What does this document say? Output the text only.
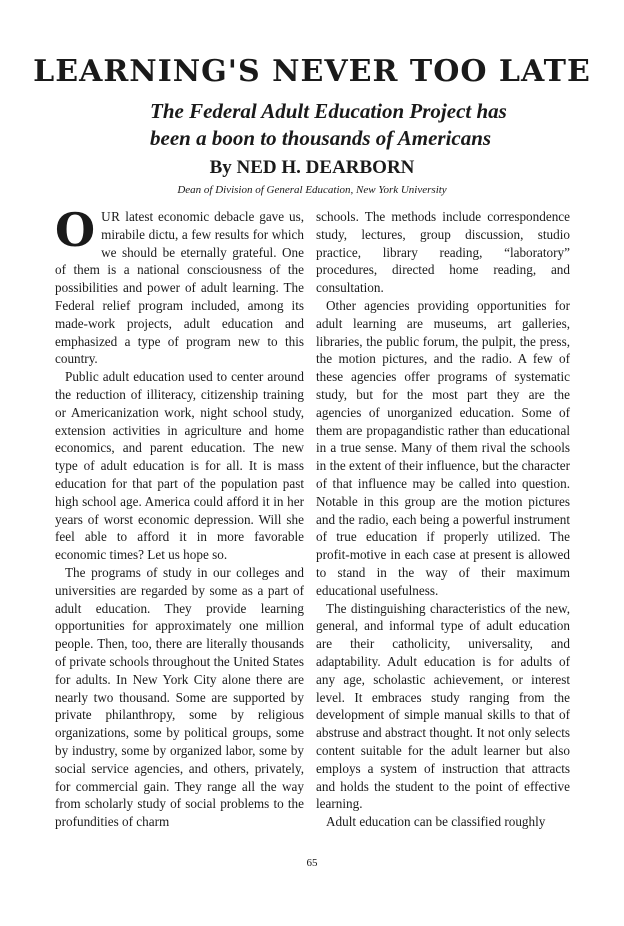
LEARNING'S NEVER TOO LATE
The Federal Adult Education Project has
been a boon to thousands of Americans
By NED H. DEARBORN
Dean of Division of General Education, New York University

OUR latest economic debacle gave us, mirabile dictu, a few results for which we should be eternally grateful. One of them is a national consciousness of the possibilities and power of adult learning. The Federal relief program included, among its made-work projects, adult education and emphasized a type of program new to this country.

Public adult education used to center around the reduction of illiteracy, citizenship training or Americanization work, night school study, extension activities in agriculture and home economics, and parent education. The new type of adult education is for all. It is mass education for that part of the population past high school age. America could afford it in her years of worst economic depression. Will she feel able to afford it in more favorable economic times? Let us hope so.

The programs of study in our colleges and universities are regarded by some as a part of adult education. They provide learning opportunities for approximately one million people. Then, too, there are literally thousands of private schools throughout the United States for adults. In New York City alone there are nearly two thousand. Some are supported by private philanthropy, some by religious organizations, some by political groups, some by industry, some by organized labor, some by social service agencies, and others, privately, for commercial gain. They range all the way from scholarly study of social problems to the profundities of charm

schools. The methods include correspondence study, lectures, group discussion, studio practice, library reading, “laboratory” procedures, directed home reading, and consultation.

Other agencies providing opportunities for adult learning are museums, art galleries, libraries, the public forum, the pulpit, the press, the motion pictures, and the radio. A few of these agencies offer programs of systematic study, but for the most part they are the agencies of unorganized education. Some of them are propagandistic rather than educational in a true sense. Many of them rival the schools in the extent of their influence, but the character of that influence may be called into question. Notable in this group are the motion pictures and the radio, each being a powerful instrument of true education if properly utilized. The profit-motive in each case at present is allowed to stand in the way of their maximum educational usefulness.

The distinguishing characteristics of the new, general, and informal type of adult education are their catholicity, universality, and adaptability. Adult education is for adults of any age, scholastic achievement, or interest level. It embraces study ranging from the development of simple manual skills to that of abstruse and abstract thought. It not only selects content suitable for the adult learner but also employs a system of instruction that attracts and holds the student to the point of effective learning.

Adult education can be classified roughly

65
